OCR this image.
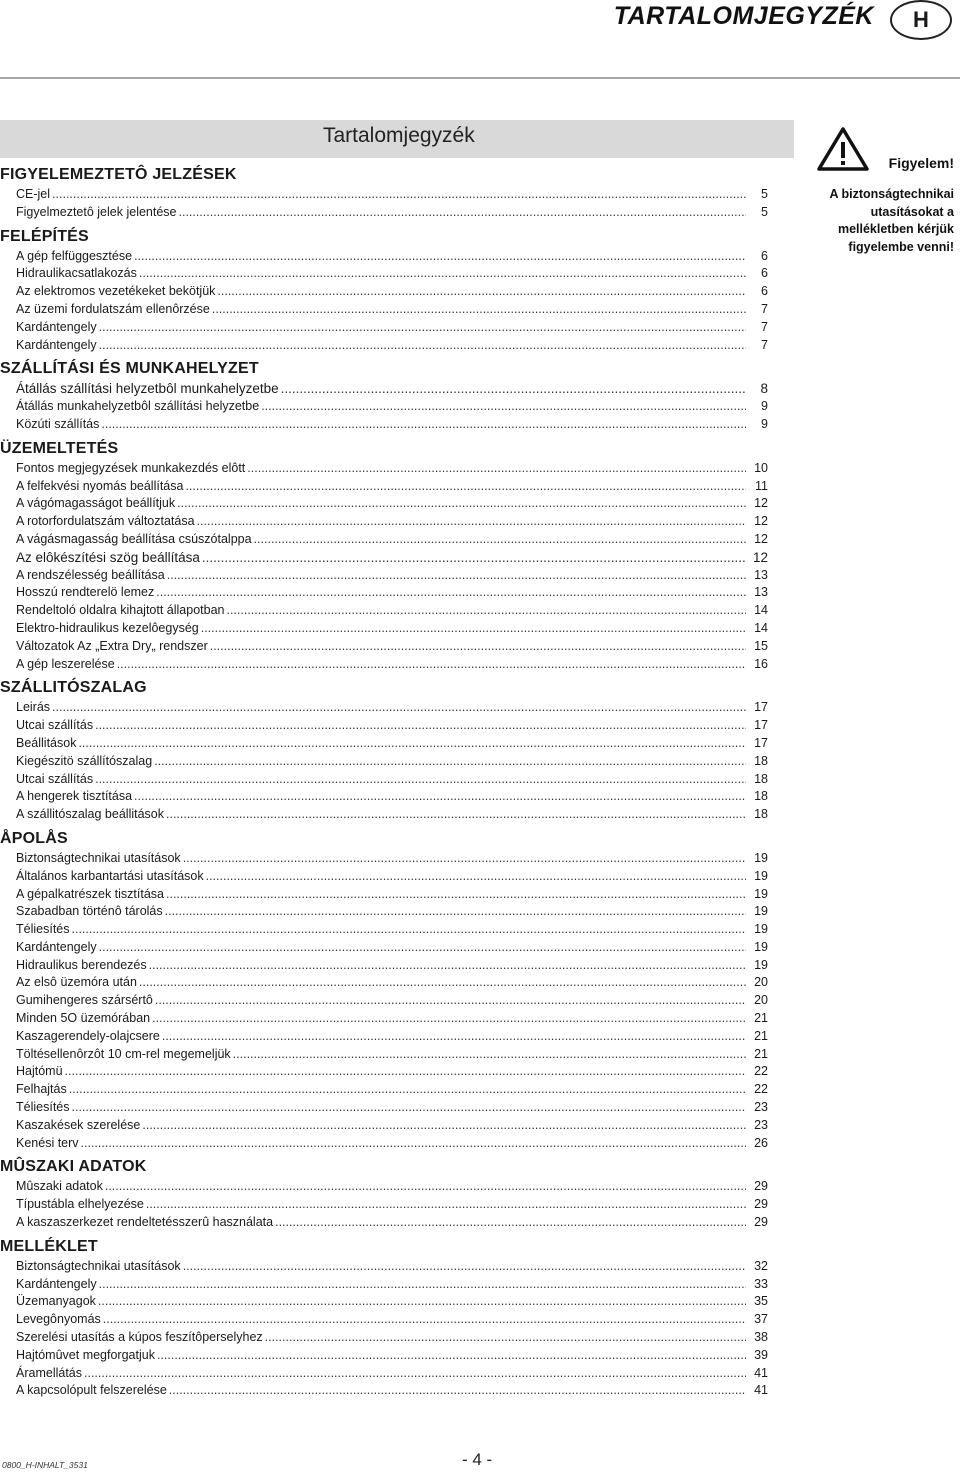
TARTALOMJEGYZÉK	H
Tartalomjegyzék
FIGYELEMEZTETÔ JELZÉSEK
CE-jel .....	5
Figyelmeztetô jelek jelentése .....	5
FELÉPÍTÉS
A gép felfüggesztése .....	6
Hidraulikacsatlakozás .....	6
Az elektromos vezetékeket bekötjük .....	6
Az üzemi fordulatszám ellenôrzése .....	7
Kardántengely .....	7
Kardántengely .....	7
SZÁLLÍTÁSI ÉS MUNKAHELYZET
Átállás szállítási helyzetbôl munkahelyzetbe .....	8
Átállás munkahelyzetbôl szállítási helyzetbe .....	9
Közúti szállítás .....	9
ÜZEMELTETÉS
Fontos megjegyzések munkakezdés elôtt .....	10
A felfekvési nyomás beállítása .....	11
A vágómagasságot beállítjuk .....	12
A rotorfordulatszám változtatása .....	12
A vágásmagasság beállítása csúszótalppa .....	12
Az elôkészítési szög beállítása .....	12
A rendszélesség beállítása .....	13
Hosszú rendterelö lemez .....	13
Rendeltoló oldalra kihajtott állapotban .....	14
Elektro-hidraulikus kezelôegység .....	14
Változatok Az „Extra Dry„ rendszer .....	15
A gép leszerelése .....	16
SZÁLLITÓSZALAG
Leirás .....	17
Utcai szállítás .....	17
Beállitások .....	17
Kiegészitö szállítószalag .....	18
Utcai szállítás .....	18
A hengerek tisztítása .....	18
A szállitószalag beállitások .....	18
ÅPOLÅS
Biztonságtechnikai utasítások .....	19
Általános karbantartási utasítások .....	19
A gépalkatrészek tisztítása .....	19
Szabadban történô tárolás .....	19
Téliesítés .....	19
Kardántengely .....	19
Hidraulikus berendezés .....	19
Az elsô üzemóra után .....	20
Gumihengeres szársértô .....	20
Minden 5O üzemórában .....	21
Kaszagerendely-olajcsere .....	21
Töltésellenôrzôt 10 cm-rel megemeljük .....	21
Hajtómü .....	22
Felhajtás .....	22
Téliesítés .....	23
Kaszakések szerelése .....	23
Kenési terv .....	26
MÛSZAKI ADATOK
Mûszaki adatok .....	29
Típustábla elhelyezése .....	29
A kaszaszerkezet rendeltetésszerû használata .....	29
MELLÉKLET
Biztonságtechnikai utasítások .....	32
Kardántengely .....	33
Üzemanyagok .....	35
Levegônyomás .....	37
Szerelési utasítás a kúpos feszítôperselyhez .....	38
Hajtómûvet megforgatjuk .....	39
Áramellátás .....	41
A kapcsolópult felszerelése .....	41
Figyelem!
A biztonságtechnikai utasításokat a mellékletben kérjük figyelembe venni!
0800_H-INHALT_3531	- 4 -
